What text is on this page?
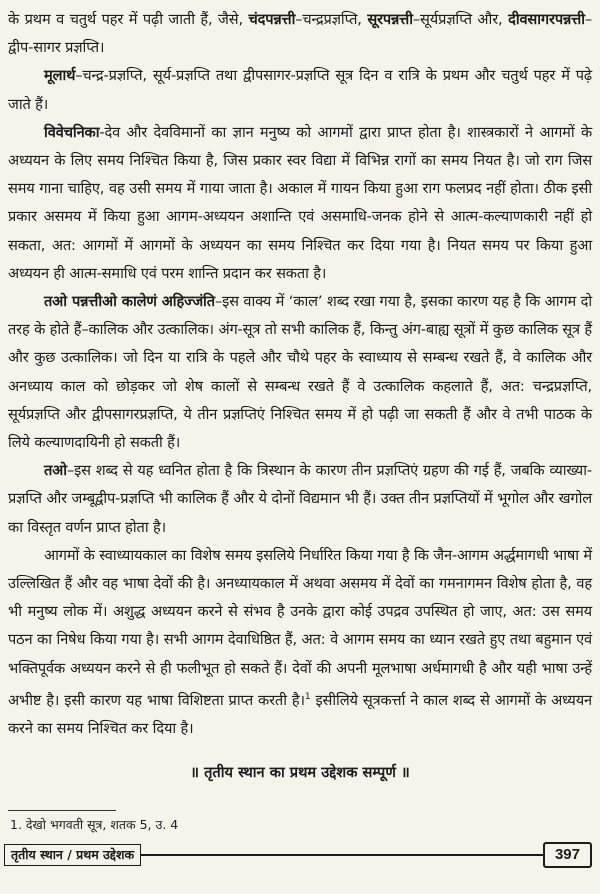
के प्रथम व चतुर्थ पहर में पढ़ी जाती हैं, जैसे, चंदपन्नत्ती–चन्द्रप्रज्ञप्ति, सूरपन्नत्ती–सूर्यप्रज्ञप्ति और, दीवसागरपन्नत्ती–द्वीप-सागर प्रज्ञप्ति।

मूलार्थ–चन्द्र-प्रज्ञप्ति, सूर्य-प्रज्ञप्ति तथा द्वीपसागर-प्रज्ञप्ति सूत्र दिन व रात्रि के प्रथम और चतुर्थ पहर में पढ़े जाते हैं।

विवेचनिका-देव और देवविमानों का ज्ञान मनुष्य को आगमों द्वारा प्राप्त होता है। शास्त्रकारों ने आगमों के अध्ययन के लिए समय निश्चित किया है, जिस प्रकार स्वर विद्या में विभिन्न रागों का समय नियत है। जो राग जिस समय गाना चाहिए, वह उसी समय में गाया जाता है। अकाल में गायन किया हुआ राग फलप्रद नहीं होता। ठीक इसी प्रकार असमय में किया हुआ आगम-अध्ययन अशान्ति एवं असमाधि-जनक होने से आत्म-कल्याणकारी नहीं हो सकता, अत: आगमों में आगमों के अध्ययन का समय निश्चित कर दिया गया है। नियत समय पर किया हुआ अध्ययन ही आत्म-समाधि एवं परम शान्ति प्रदान कर सकता है।

तओ पन्नत्तीओ कालेणं अहिज्जंति–इस वाक्य में ‘काल’ शब्द रखा गया है, इसका कारण यह है कि आगम दो तरह के होते हैं–कालिक और उत्कालिक। अंग-सूत्र तो सभी कालिक हैं, किन्तु अंग-बाह्य सूत्रों में कुछ कालिक सूत्र हैं और कुछ उत्कालिक। जो दिन या रात्रि के पहले और चौथे पहर के स्वाध्याय से सम्बन्ध रखते हैं, वे कालिक और अनध्याय काल को छोड़कर जो शेष कालों से सम्बन्ध रखते हैं वे उत्कालिक कहलाते हैं, अत: चन्द्रप्रज्ञप्ति, सूर्यप्रज्ञप्ति और द्वीपसागरप्रज्ञप्ति, ये तीन प्रज्ञप्तिएं निश्चित समय में हो पढ़ी जा सकती हैं और वे तभी पाठक के लिये कल्याणदायिनी हो सकती हैं।

तओ–इस शब्द से यह ध्वनित होता है कि त्रिस्थान के कारण तीन प्रज्ञप्तिएं ग्रहण की गई हैं, जबकि व्याख्या-प्रज्ञप्ति और जम्बूद्वीप-प्रज्ञप्ति भी कालिक हैं और ये दोनों विद्यमान भी हैं। उक्त तीन प्रज्ञप्तियों में भूगोल और खगोल का विस्तृत वर्णन प्राप्त होता है।

आगमों के स्वाध्यायकाल का विशेष समय इसलिये निर्धारित किया गया है कि जैन-आगम अर्द्धमागधी भाषा में उल्लिखित हैं और वह भाषा देवों की है। अनध्यायकाल में अथवा असमय में देवों का गमनागमन विशेष होता है, वह भी मनुष्य लोक में। अशुद्ध अध्ययन करने से संभव है उनके द्वारा कोई उपद्रव उपस्थित हो जाए, अत: उस समय पठन का निषेध किया गया है। सभी आगम देवाधिष्ठित हैं, अत: वे आगम समय का ध्यान रखते हुए तथा बहुमान एवं भक्तिपूर्वक अध्ययन करने से ही फलीभूत हो सकते हैं। देवों की अपनी मूलभाषा अर्धमागधी है और यही भाषा उन्हें अभीष्ट है। इसी कारण यह भाषा विशिष्टता प्राप्त करती है।$^1$ इसीलिये सूत्रकर्त्ता ने काल शब्द से आगमों के अध्ययन करने का समय निश्चित कर दिया है।

॥ तृतीय स्थान का प्रथम उद्देशक सम्पूर्ण ॥
1. देखो भगवती सूत्र, शतक 5, उ. 4
तृतीय स्थान / प्रथम उद्देशक	397
